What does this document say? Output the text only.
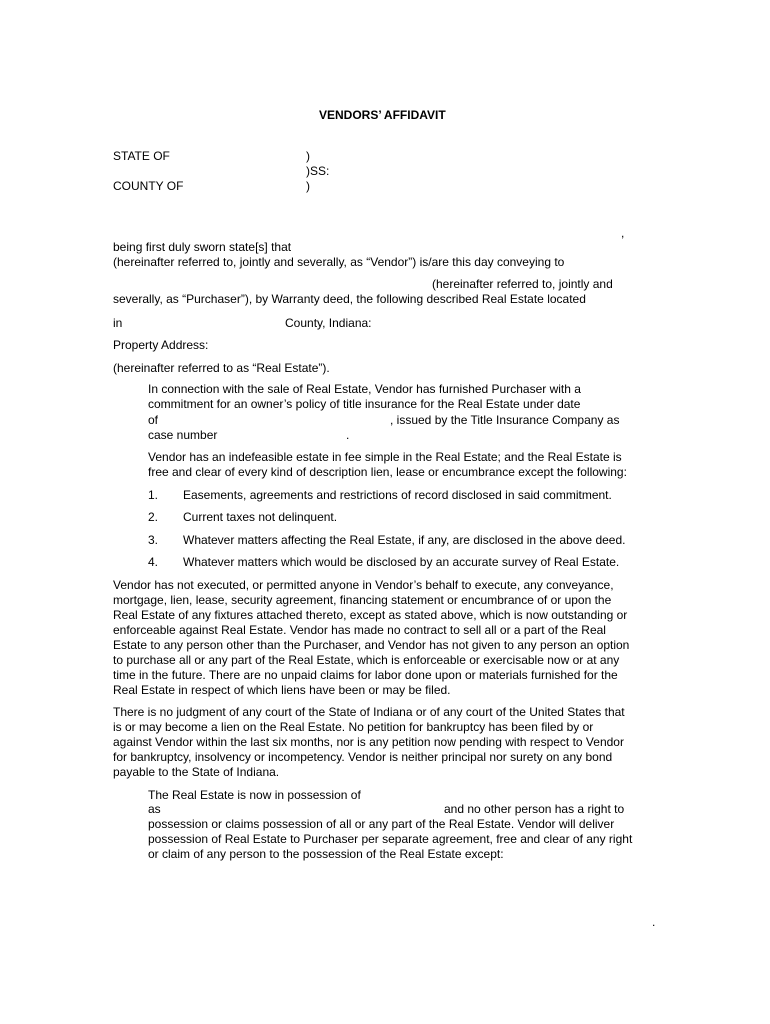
VENDORS’ AFFIDAVIT
STATE OF	)
)SS:
COUNTY OF	)
,
being first duly sworn state[s] that
(hereinafter referred to, jointly and severally, as “Vendor”) is/are this day conveying to
(hereinafter referred to, jointly and
severally, as “Purchaser”), by Warranty deed, the following described Real Estate located
in	County, Indiana:
Property Address:
(hereinafter referred to as “Real Estate”).
In connection with the sale of Real Estate, Vendor has furnished Purchaser with a
commitment for an owner’s policy of title insurance for the Real Estate under date
of	, issued by the Title Insurance Company as
case number	.
Vendor has an indefeasible estate in fee simple in the Real Estate; and the Real Estate is
free and clear of every kind of description lien, lease or encumbrance except the following:
1. Easements, agreements and restrictions of record disclosed in said commitment.
2. Current taxes not delinquent.
3. Whatever matters affecting the Real Estate, if any, are disclosed in the above deed.
4. Whatever matters which would be disclosed by an accurate survey of Real Estate.
Vendor has not executed, or permitted anyone in Vendor’s behalf to execute, any conveyance,
mortgage, lien, lease, security agreement, financing statement or encumbrance of or upon the
Real Estate of any fixtures attached thereto, except as stated above, which is now outstanding or
enforceable against Real Estate. Vendor has made no contract to sell all or a part of the Real
Estate to any person other than the Purchaser, and Vendor has not given to any person an option
to purchase all or any part of the Real Estate, which is enforceable or exercisable now or at any
time in the future. There are no unpaid claims for labor done upon or materials furnished for the
Real Estate in respect of which liens have been or may be filed.
There is no judgment of any court of the State of Indiana or of any court of the United States that
is or may become a lien on the Real Estate. No petition for bankruptcy has been filed by or
against Vendor within the last six months, nor is any petition now pending with respect to Vendor
for bankruptcy, insolvency or incompetency. Vendor is neither principal nor surety on any bond
payable to the State of Indiana.
The Real Estate is now in possession of
as	and no other person has a right to
possession or claims possession of all or any part of the Real Estate. Vendor will deliver
possession of Real Estate to Purchaser per separate agreement, free and clear of any right
or claim of any person to the possession of the Real Estate except:
.
